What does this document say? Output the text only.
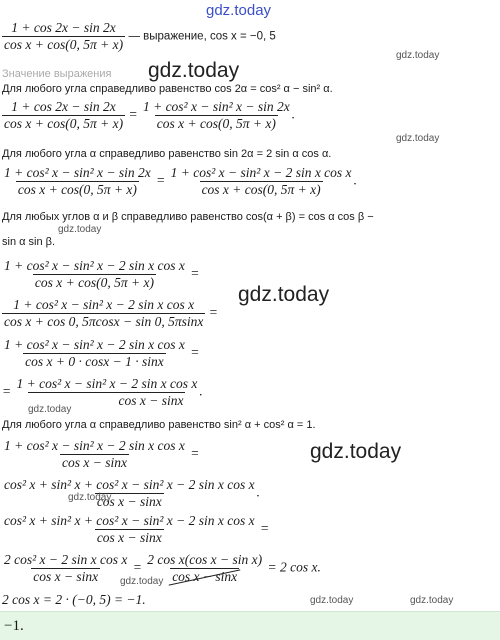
gdz.today
$\frac{1 + \cos 2x - \sin 2x}{\text{cos x + cos(0, 5π + x)}}$ — выражение, cos x = −0, 5
gdz.today
gdz.today
Значение выражения
Для любого угла справедливо равенство cos 2α = cos² α − sin² α.
$\frac{1 + \cos 2x - \sin 2x}{\text{cos x + cos(0, 5π + x)}} = \frac{\text{1 + cos² x − sin² x − sin 2x}}{\text{cos x + cos(0, 5π + x)}}$ .
gdz.today
Для любого угла α справедливо равенство sin 2α = 2 sin α cos α.
$\frac{\text{1 + cos² x − sin² x − sin 2x}}{\text{cos x + cos(0, 5π + x)}} = \frac{\text{1 + cos² x − sin² x − 2 sin x cos x}}{\text{cos x + cos(0, 5π + x)}}$ .
Для любых углов α и β справедливо равенство cos(α + β) = cos α cos β −
sin α sin β.
gdz.today
$\frac{\text{1 + cos² x − sin² x − 2 sin x cos x}}{\text{cos x + cos(0, 5π + x)}}$ =
gdz.today
$\frac{\text{1 + cos² x − sin² x − 2 sin x cos x}}{\text{cos x + cos 0, 5πcosx − sin 0, 5πsinx}}$ =
$\frac{\text{1 + cos² x − sin² x − 2 sin x cos x}}{\text{cos x + 0 · cosx − 1 · sinx}}$ =
= $\frac{\text{1 + cos² x − sin² x − 2 sin x cos x}}{\text{cos x − sinx}}$ .
gdz.today
Для любого угла α справедливо равенство sin² α + cos² α = 1.
$\frac{\text{1 + cos² x − sin² x − 2 sin x cos x}}{\text{cos x − sinx}}$ =	gdz.today
$\frac{\text{cos² x + sin² x + cos² x − sin² x − 2 sin x cos x}}{\text{cos x − sinx}}$ .
gdz.today
$\frac{\text{cos² x + sin² x + cos² x − sin² x − 2 sin x cos x}}{\text{cos x − sinx}}$ =
$\frac{\text{2 cos² x − 2 sin x cos x}}{\text{cos x − sinx}} = \frac{\text{2 cos x(cos x − sin x)}}{\text{cos x − sinx}} = 2$ cos x.
gdz.today
2 cos x = 2 · (−0, 5) = −1.	gdz.today	gdz.today
−1.
